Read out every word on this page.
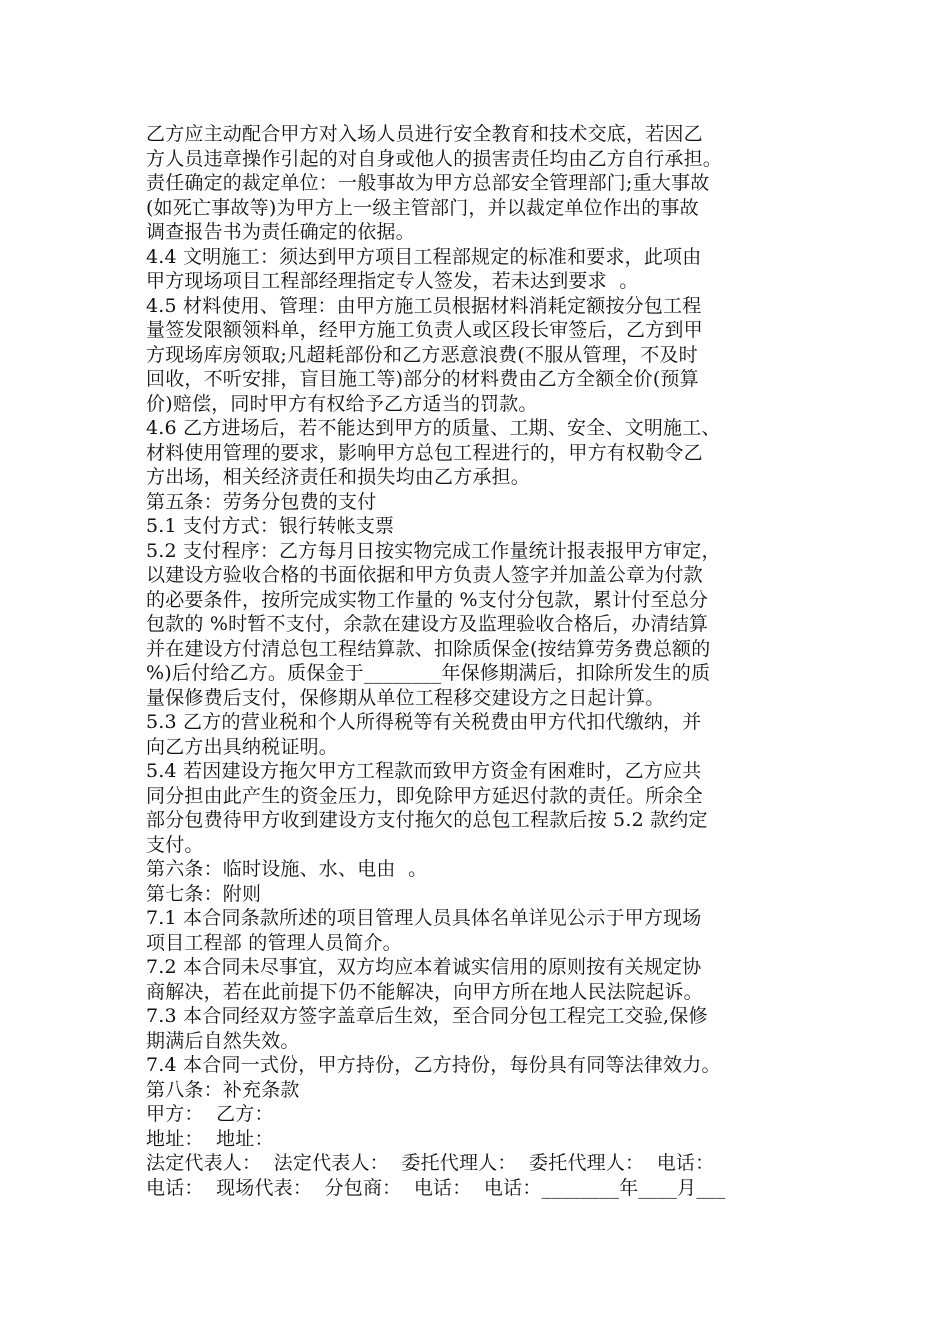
乙方应主动配合甲方对入场人员进行安全教育和技术交底，若因乙
方人员违章操作引起的对自身或他人的损害责任均由乙方自行承担。
责任确定的裁定单位：一般事故为甲方总部安全管理部门;重大事故
(如死亡事故等)为甲方上一级主管部门，并以裁定单位作出的事故
调查报告书为责任确定的依据。
4.4 文明施工：须达到甲方项目工程部规定的标准和要求，此项由
甲方现场项目工程部经理指定专人签发，若未达到要求  。
4.5 材料使用、管理：由甲方施工员根据材料消耗定额按分包工程
量签发限额领料单，经甲方施工负责人或区段长审签后，乙方到甲
方现场库房领取;凡超耗部份和乙方恶意浪费(不服从管理，不及时
回收，不听安排，盲目施工等)部分的材料费由乙方全额全价(预算
价)赔偿，同时甲方有权给予乙方适当的罚款。
4.6 乙方进场后，若不能达到甲方的质量、工期、安全、文明施工、
材料使用管理的要求，影响甲方总包工程进行的，甲方有权勒令乙
方出场，相关经济责任和损失均由乙方承担。
第五条：劳务分包费的支付
5.1 支付方式：银行转帐支票
5.2 支付程序：乙方每月日按实物完成工作量统计报表报甲方审定，
以建设方验收合格的书面依据和甲方负责人签字并加盖公章为付款
的必要条件，按所完成实物工作量的 %支付分包款，累计付至总分
包款的 %时暂不支付，余款在建设方及监理验收合格后，办清结算
并在建设方付清总包工程结算款、扣除质保金(按结算劳务费总额的
%)后付给乙方。质保金于________年保修期满后，扣除所发生的质
量保修费后支付，保修期从单位工程移交建设方之日起计算。
5.3 乙方的营业税和个人所得税等有关税费由甲方代扣代缴纳，并
向乙方出具纳税证明。
5.4 若因建设方拖欠甲方工程款而致甲方资金有困难时，乙方应共
同分担由此产生的资金压力，即免除甲方延迟付款的责任。所余全
部分包费待甲方收到建设方支付拖欠的总包工程款后按 5.2 款约定
支付。
第六条：临时设施、水、电由  。
第七条：附则
7.1 本合同条款所述的项目管理人员具体名单详见公示于甲方现场
项目工程部 的管理人员简介。
7.2 本合同未尽事宜，双方均应本着诚实信用的原则按有关规定协
商解决，若在此前提下仍不能解决，向甲方所在地人民法院起诉。
7.3 本合同经双方签字盖章后生效，至合同分包工程完工交验,保修
期满后自然失效。
7.4 本合同一式份，甲方持份，乙方持份，每份具有同等法律效力。
第八条：补充条款
甲方：  乙方：
地址：  地址：
法定代表人：  法定代表人：  委托代理人：  委托代理人：  电话：
电话：  现场代表：  分包商：  电话：  电话：________年____月___
